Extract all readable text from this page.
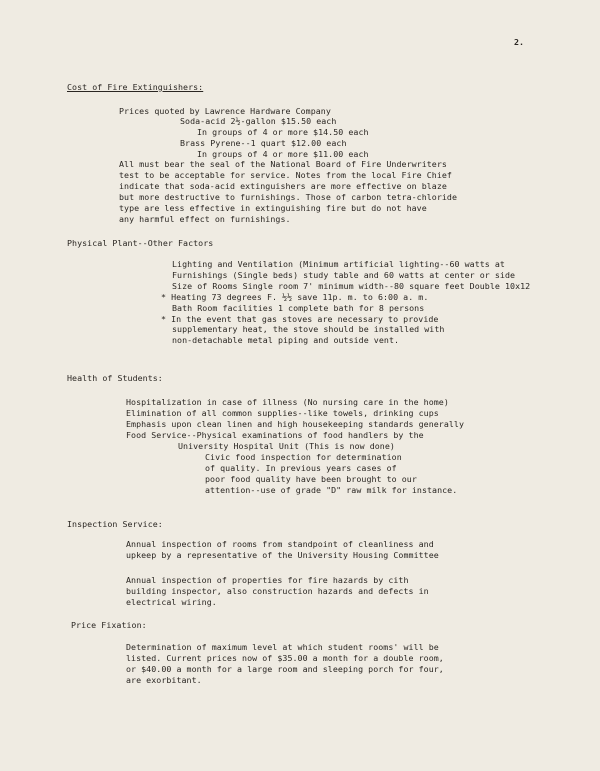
2.
Cost of Fire Extinguishers:
Prices quoted by Lawrence Hardware Company
Soda-acid 2½-gallon $15.50 each
In groups of 4 or more $14.50 each
Brass Pyrene--1 quart $12.00 each
In groups of 4 or more $11.00 each
All must bear the seal of the National Board of Fire Underwriters
test to be acceptable for service. Notes from the local Fire Chief
indicate that soda-acid extinguishers are more effective on blaze
but more destructive to furnishings. Those of carbon tetra-chloride
type are less effective in extinguishing fire but do not have
any harmful effect on furnishings.
Physical Plant--Other Factors
Lighting and Ventilation (Minimum artificial lighting--60 watts at
Furnishings (Single beds) study table and 60 watts at center or side
Size of Rooms Single room 7' minimum width--80 square feet Double 10x12
* Heating 73 degrees F. ½½ save 11p. m. to 6:00 a. m.
Bath Room facilities 1 complete bath for 8 persons
* In the event that gas stoves are necessary to provide
supplementary heat, the stove should be installed with
non-detachable metal piping and outside vent.
Health of Students:
Hospitalization in case of illness (No nursing care in the home)
Elimination of all common supplies--like towels, drinking cups
Emphasis upon clean linen and high housekeeping standards generally
Food Service--Physical examinations of food handlers by the
University Hospital Unit (This is now done)
Civic food inspection for determination
of quality. In previous years cases of
poor food quality have been brought to our
attention--use of grade "D" raw milk for instance.
Inspection Service:
Annual inspection of rooms from standpoint of cleanliness and
upkeep by a representative of the University Housing Committee
Annual inspection of properties for fire hazards by cith
building inspector, also construction hazards and defects in
electrical wiring.
Price Fixation:
Determination of maximum level at which student rooms' will be
listed. Current prices now of $35.00 a month for a double room,
or $40.00 a month for a large room and sleeping porch for four,
are exorbitant.
